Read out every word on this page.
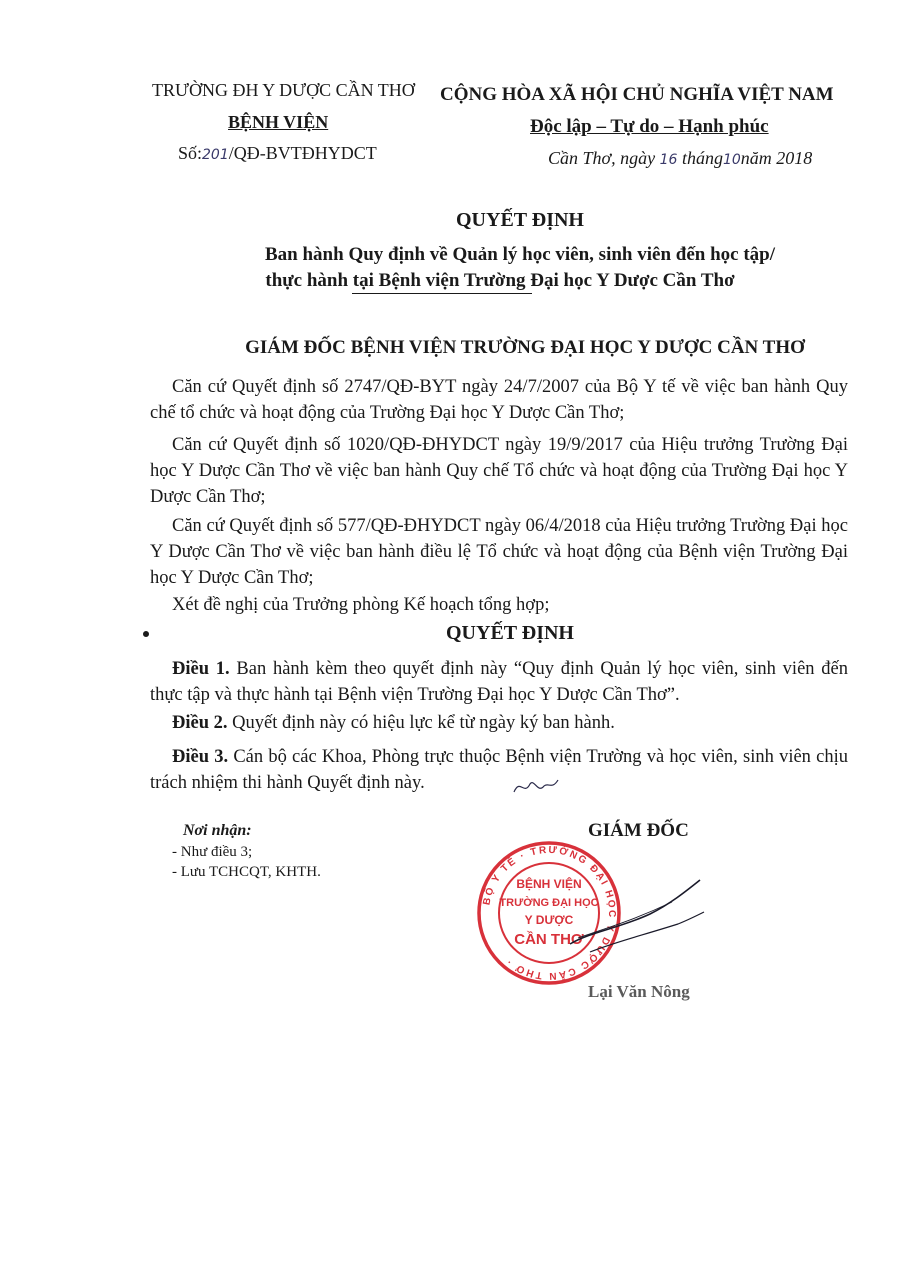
TRƯỜNG ĐH Y DƯỢC CẦN THƠ
BỆNH VIỆN
Số:201/QĐ-BVTĐHYDCT
CỘNG HÒA XÃ HỘI CHỦ NGHĨA VIỆT NAM
Độc lập – Tự do – Hạnh phúc
Cần Thơ, ngày 16 tháng10năm 2018
QUYẾT ĐỊNH
Ban hành Quy định về Quản lý học viên, sinh viên đến học tập/
thực hành tại Bệnh viện Trường Đại học Y Dược Cần Thơ
GIÁM ĐỐC BỆNH VIỆN TRƯỜNG ĐẠI HỌC Y DƯỢC CẦN THƠ
Căn cứ Quyết định số 2747/QĐ-BYT ngày 24/7/2007 của Bộ Y tế về việc ban hành Quy chế tổ chức và hoạt động của Trường Đại học Y Dược Cần Thơ;
Căn cứ Quyết định số 1020/QĐ-ĐHYDCT ngày 19/9/2017 của Hiệu trưởng Trường Đại học Y Dược Cần Thơ về việc ban hành Quy chế Tổ chức và hoạt động của Trường Đại học Y Dược Cần Thơ;
Căn cứ Quyết định số 577/QĐ-ĐHYDCT ngày 06/4/2018 của Hiệu trưởng Trường Đại học Y Dược Cần Thơ về việc ban hành điều lệ Tổ chức và hoạt động của Bệnh viện Trường Đại học Y Dược Cần Thơ;
Xét đề nghị của Trưởng phòng Kế hoạch tổng hợp;
QUYẾT ĐỊNH
Điều 1. Ban hành kèm theo quyết định này “Quy định Quản lý học viên, sinh viên đến thực tập và thực hành tại Bệnh viện Trường Đại học Y Dược Cần Thơ”.
Điều 2. Quyết định này có hiệu lực kể từ ngày ký ban hành.
Điều 3. Cán bộ các Khoa, Phòng trực thuộc Bệnh viện Trường và học viên, sinh viên chịu trách nhiệm thi hành Quyết định này.
Nơi nhận:
- Như điều 3;
- Lưu TCHCQT, KHTH.
GIÁM ĐỐC
BỘ Y TẾ · TRƯỜNG ĐẠI HỌC Y DƯỢC CẦN THƠ ·
BỆNH VIỆN
TRƯỜNG ĐẠI HỌC
Y DƯỢC
CẦN THƠ
Lại Văn Nông
